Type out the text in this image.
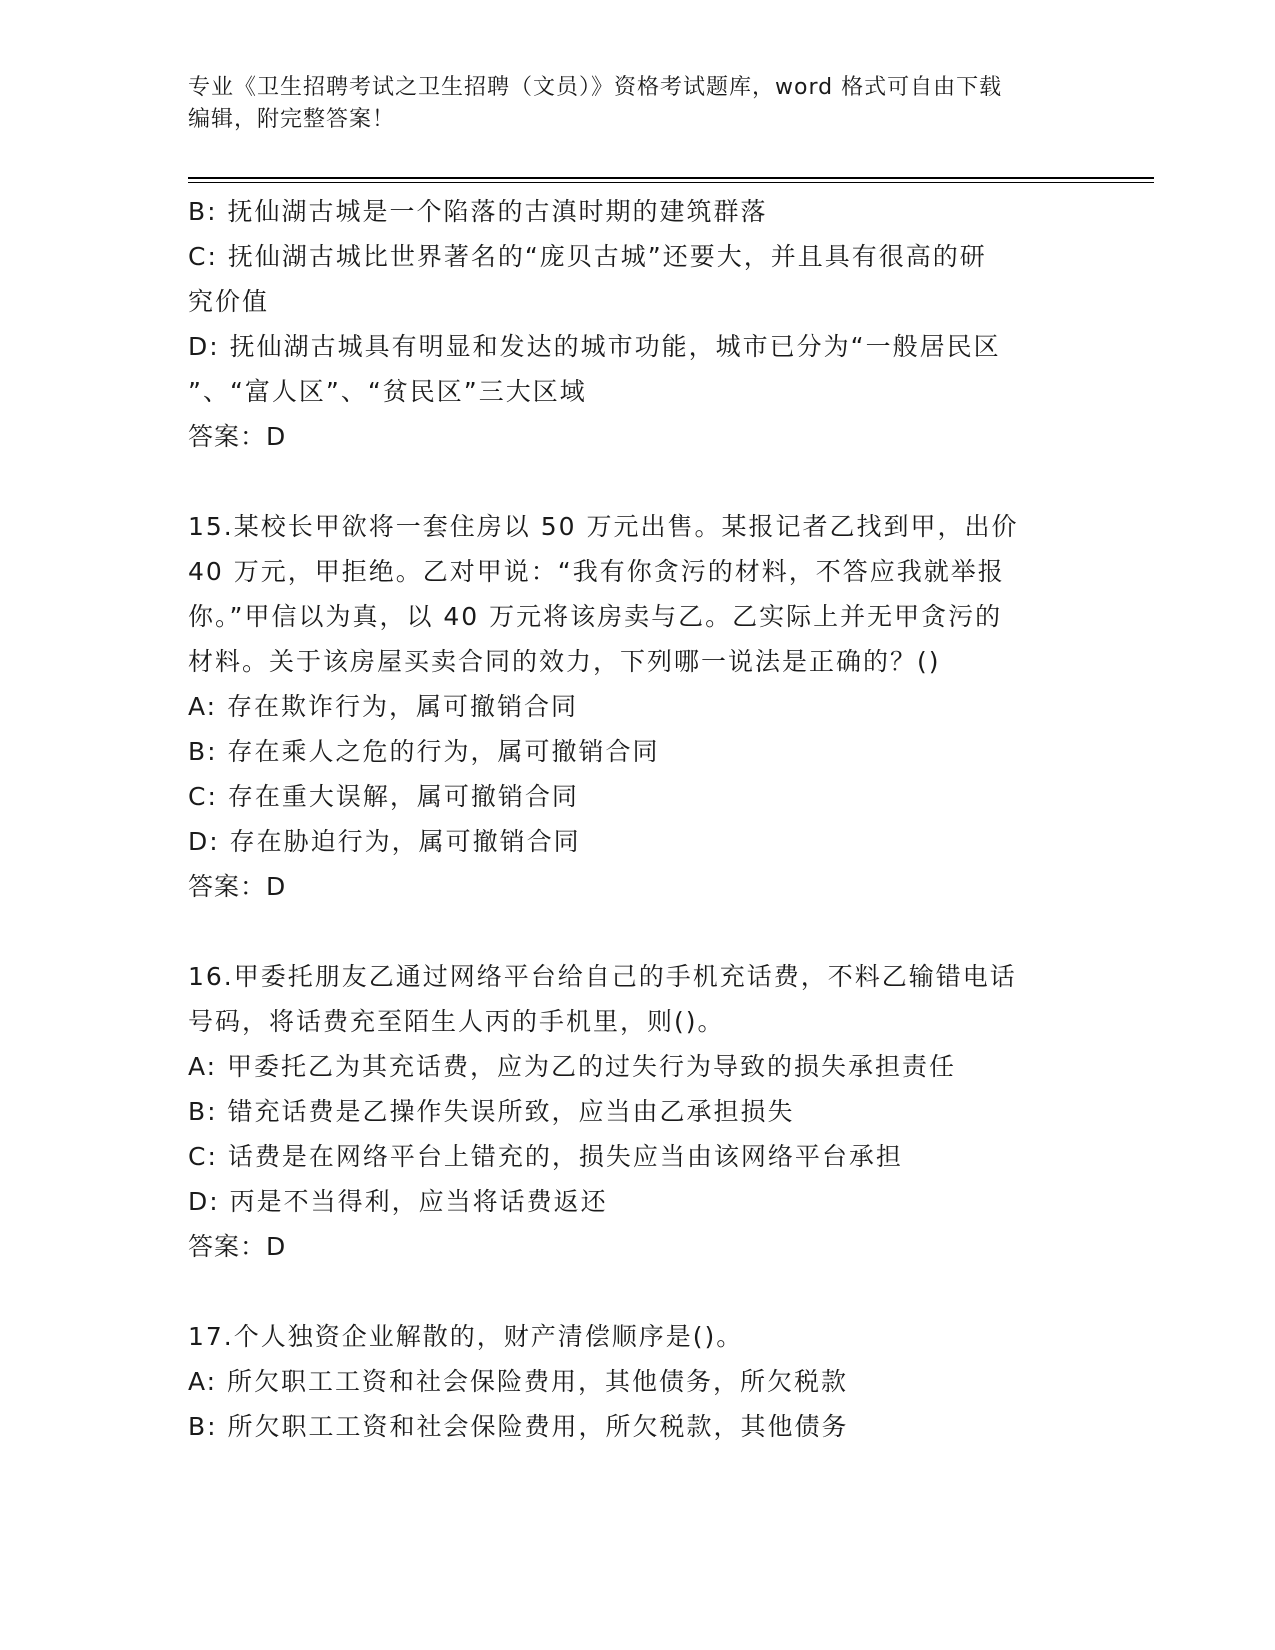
专业《卫生招聘考试之卫生招聘（文员）》资格考试题库，word 格式可自由下载
编辑，附完整答案！
B: 抚仙湖古城是一个陷落的古滇时期的建筑群落
C: 抚仙湖古城比世界著名的“庞贝古城”还要大，并且具有很高的研
究价值
D: 抚仙湖古城具有明显和发达的城市功能，城市已分为“一般居民区
”、“富人区”、“贫民区”三大区域
答案：D
15.某校长甲欲将一套住房以 50 万元出售。某报记者乙找到甲，出价
40 万元，甲拒绝。乙对甲说：“我有你贪污的材料，不答应我就举报
你。”甲信以为真，以 40 万元将该房卖与乙。乙实际上并无甲贪污的
材料。关于该房屋买卖合同的效力，下列哪一说法是正确的？()
A: 存在欺诈行为，属可撤销合同
B: 存在乘人之危的行为，属可撤销合同
C: 存在重大误解，属可撤销合同
D: 存在胁迫行为，属可撤销合同
答案：D
16.甲委托朋友乙通过网络平台给自己的手机充话费，不料乙输错电话
号码，将话费充至陌生人丙的手机里，则()。
A: 甲委托乙为其充话费，应为乙的过失行为导致的损失承担责任
B: 错充话费是乙操作失误所致，应当由乙承担损失
C: 话费是在网络平台上错充的，损失应当由该网络平台承担
D: 丙是不当得利，应当将话费返还
答案：D
17.个人独资企业解散的，财产清偿顺序是()。
A: 所欠职工工资和社会保险费用，其他债务，所欠税款
B: 所欠职工工资和社会保险费用，所欠税款，其他债务
